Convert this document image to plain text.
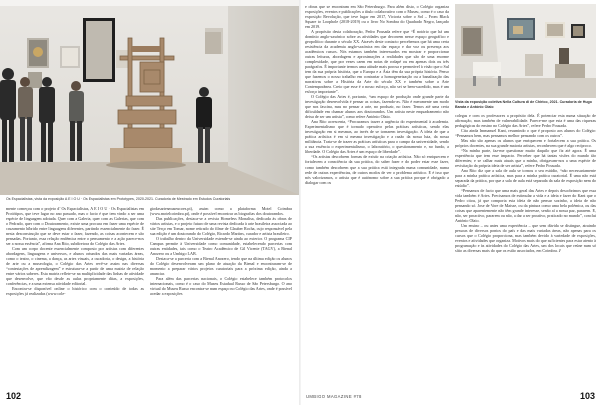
Os Espacialistas, vista da exposição A E I O U · Os Espacialistas em Prototypes, 2020-2021. Curadoria de Mestrado em Estudos Curatoriais

mente começou com o projeto d’ Os Espacialistas, A E I O U · Os Espacialistas em Protótipos, que teve lugar no ano passado, mas o facto é que tem vindo a ser uma espécie de linguagem adotada. Quer com a Galeria, quer com as Galerias, que com o Pedrado, quer com o Doutoramento, existe uma procura em fazer uma espécie de cruzamento híbrido entre linguagens diferentes, partindo essencialmente do fazer. É nesta desconstrução que se deve estar o fazer, fazendo, as coisas acontecem e são pensadas. Portanto, essa relação endémica entre o pensamento e a ação parece-nos ser a nossa essência”, afirma Ana Rito, subdiretora do Colégio das Artes.

Com um corpo docente essencialmente composto por artistas com diferentes abordagens, linguagens e universos, e alunos oriundos das mais variadas áreas, como o teatro, o cinema, a dança, as artes visuais, a curadoria, o design, a história de arte ou a museologia, o Colégio das Artes revê-se assim nas diversas “contestações de aprendizagem” e estrutura-se a partir de uma matriz de relação entre vários saberes. Esta matriz reflete-se na multiplicidade das linhas de atividade que desenvolve, que vão desde as aulas propriamente ditas, a exposições, conferências, e a uma extensa atividade editorial.

Encontra-se disponível online o histórico com o conteúdo de todas as exposições já realizadas (www.cole-

giodasartesmuseucoes.pt), assim como a plataforma Motel Coimbra (www.motelcoimbra.pt), onde é possível encontrar as biografias dos doutorandos.

Das publicações, destaca-se a revista Homeless Monalisa, dedicada às obras de vários artistas, e o projeto futuro de uma revista dedicada à arte brasileira associada ao site Terço em Tomar, nome retirado do filme de Glauber Rocha, cujo responsável pela sua edição é um doutorando do Colégio, Ricardo Martins, curador e artista brasileiro.

O trabalho dentro da Universidade estende-se ainda ao exterior. O programa CIP Campus permite à Universidade como comunidade, estabelecendo parcerias com outras entidades, tais como o Teatro Académico de Gil Vicente (TAGV), a Bienal Anozero ou a Umbigo LAB.

Destaca-se a parceria com a Bienal Anozero, tendo que na última edição os alunos do Colégio desenvolveram um plano de atuação da Bienal e encontraram-se de momento a preparar vários projetos curatoriais para a próxima edição, ainda a anunciar.

Para além das parcerias nacionais, o Colégio estabelece também protocolos internacionais, como é o caso do Museu Estadual Russo de São Petersburgo. O ano virtual do Museu Russo encontra-se num espaço no Colégio das Artes, onde é possível acedar a exposições

102

e obras que se encontram em São Petersburgo. Para além disto, o Colégio organiza exposições, eventos e publicações a título colaborativo com o Museu, como é o caso da exposição Revolução, que teve lugar em 2017, Victoria sobre o Sol – From Black Square to Loophole (2018-2019) ou o livro No Sombra do Quadrado Negro, lançado em 2019.

A propósito desta colaboração, Pedro Pousada refere que “É notório que há um domínio anglo-saxónico sobre as atividades que decorrem nesse espaço geográfico e geopolítico durante o século XX. Através deste contacto percebemos que há uma certa resistência da academia anglo-saxónica em dar espaço e dar voz ou presença aos académicos russos. Nós estamos também interessados em mostrar e proporcionar outras leituras, abordagens e aproximações a realidades que são de uma enorme complexidade, que por vezes caem em notas de rodapé ou em apenas dois ou três parágrafos. É importante termos uma atitude mais porosa e permeável à visão que o Sul tem da sua própria história, que a Europa e a Ásia têm da sua própria história. Penso que fazemos o nosso trabalho em contrariar a homogeneização ou a banalização das narrativas sobre a História da Arte do século XX e também sobre a Arte Contemporânea. Creio que esse é o nosso esforço, não sei se bem-sucedido, mas é um esforço importante”.

O Colégio das Artes é, portanto, “um espaço de produção onde grande parte da investigação desenvolvida é pensar as coisas, fazendo-as. Não é meramente um modo que nos fascina, mas no pensar a arte, no produzir, no fazer. Temos até uma certa dificuldade em chamar alunos aos doutorandos. Um artista neste enquadramento não deixa de ser um artista”, como refere António Olaio.

Ana Rito acrescenta, “Procuramos trazer a urgência do experimental à academia. Experimentalismo que é tornado operativo pelas práticas artísticas, sendo elas investigação em si mesmas, ao invés de se tornarem investigação. A ideia de que a prática artística é em si mesma investigação e a razão da nossa luta, da nossa militância. Trata-se de trazer as práticas artísticas para o campo da universidade, sendo a sua essência o experimentalismo, o laboratório, o questionamento e, no fundo, a liberdade. O Colégio das Artes é um espaço de liberdade”.

“Os artistas descobrem formas de existir na criação artística. Não só enriquecem e fortalecem a consciência da sua prática, do saber fazer e do poder estar esse fazer, como também descobrem que a sua prática está integrada numa comunidade, numa rede de outras experiências, de outros modos de ver o problema artístico. E é isso que nós valorizamos, o artista que é autónomo sobre a sua prática porque é obrigado a dialogar com os

Vista da exposição coletiva Nella Cultura di de Chirico, 2021. Curadoria de Hugo Barata e António Olaio

colegas e com os professores a propósito dela. É potenciar esta numa situação de afirmação, mas também de vulnerabilidade. Parece-me que esta é uma das riquezas pedagógicas do ensino no Colégio das Artes”, refere Pedro Pousada.

Cita ainda Immanuel Kant, resumindo o que é proposto aos alunos do Colégio: “Pensamos bem, mas pensamos melhor pensando com os outros”.

Mas não são apenas os alunos que enriquecem e fortalecem a sua prática. Os próprios docentes, na sua grande maioria artistas, reconhecem que é algo recíproco.

“Na minha parte, faz-me questionar muito daquilo que fiz até agora. É uma experiência que tem esse impacto. Perceber que há tantas visões do mundo tão diferentes; e se calhar mais atuais que a minha, obrigavam-nos a uma espécie de revisitação da própria ideia de ser artista”, refere Pedro Pousada.

Ana Rito diz que a sala de aula se tornou o seu estúdio, “não necessariamente para a minha prática artística, mas para a minha prática curatorial. É uma não está separada da prática, por que a sala de aula está separada da sala de exposição nem do estúdio”.

“Pensamos de facto que uma mais geral das Artes e depois descobrimos que essa vida também é Artes. Precisamos de estimular a vida e a ideia e fazer do Kant que o Pedro citou, já que comporta esta ideia de não pensar sozinho, a ideia de não pensando só. Jose de Vore de Maisse, ou da pintura como uma bela polémica, ou das coisas que aparentemente não têm grande interesse, senão aí a nossa paz, pararem. E, não, ser proactivo, pararem ou não, a dar a ser proativo, praticado no mundo”, conclui António Olaio.

Um ensino – ou antes uma experiência – que sem dúvida se distingue, atraindo pessoas de diversos pontos do país e das mais variadas áreas, não apenas para os cursos que o Colégio proporciona, mas também devido à variedade de exposições, eventos e atividades que organiza. Motivos mais do que suficientes para estar atento à programação e às atividades do Colégio das Artes, um dos locais que reúne num só sítio as diversas mais do que os estão associados, em Coimbra. //

UMBIGO MAGAZINE #78	103
